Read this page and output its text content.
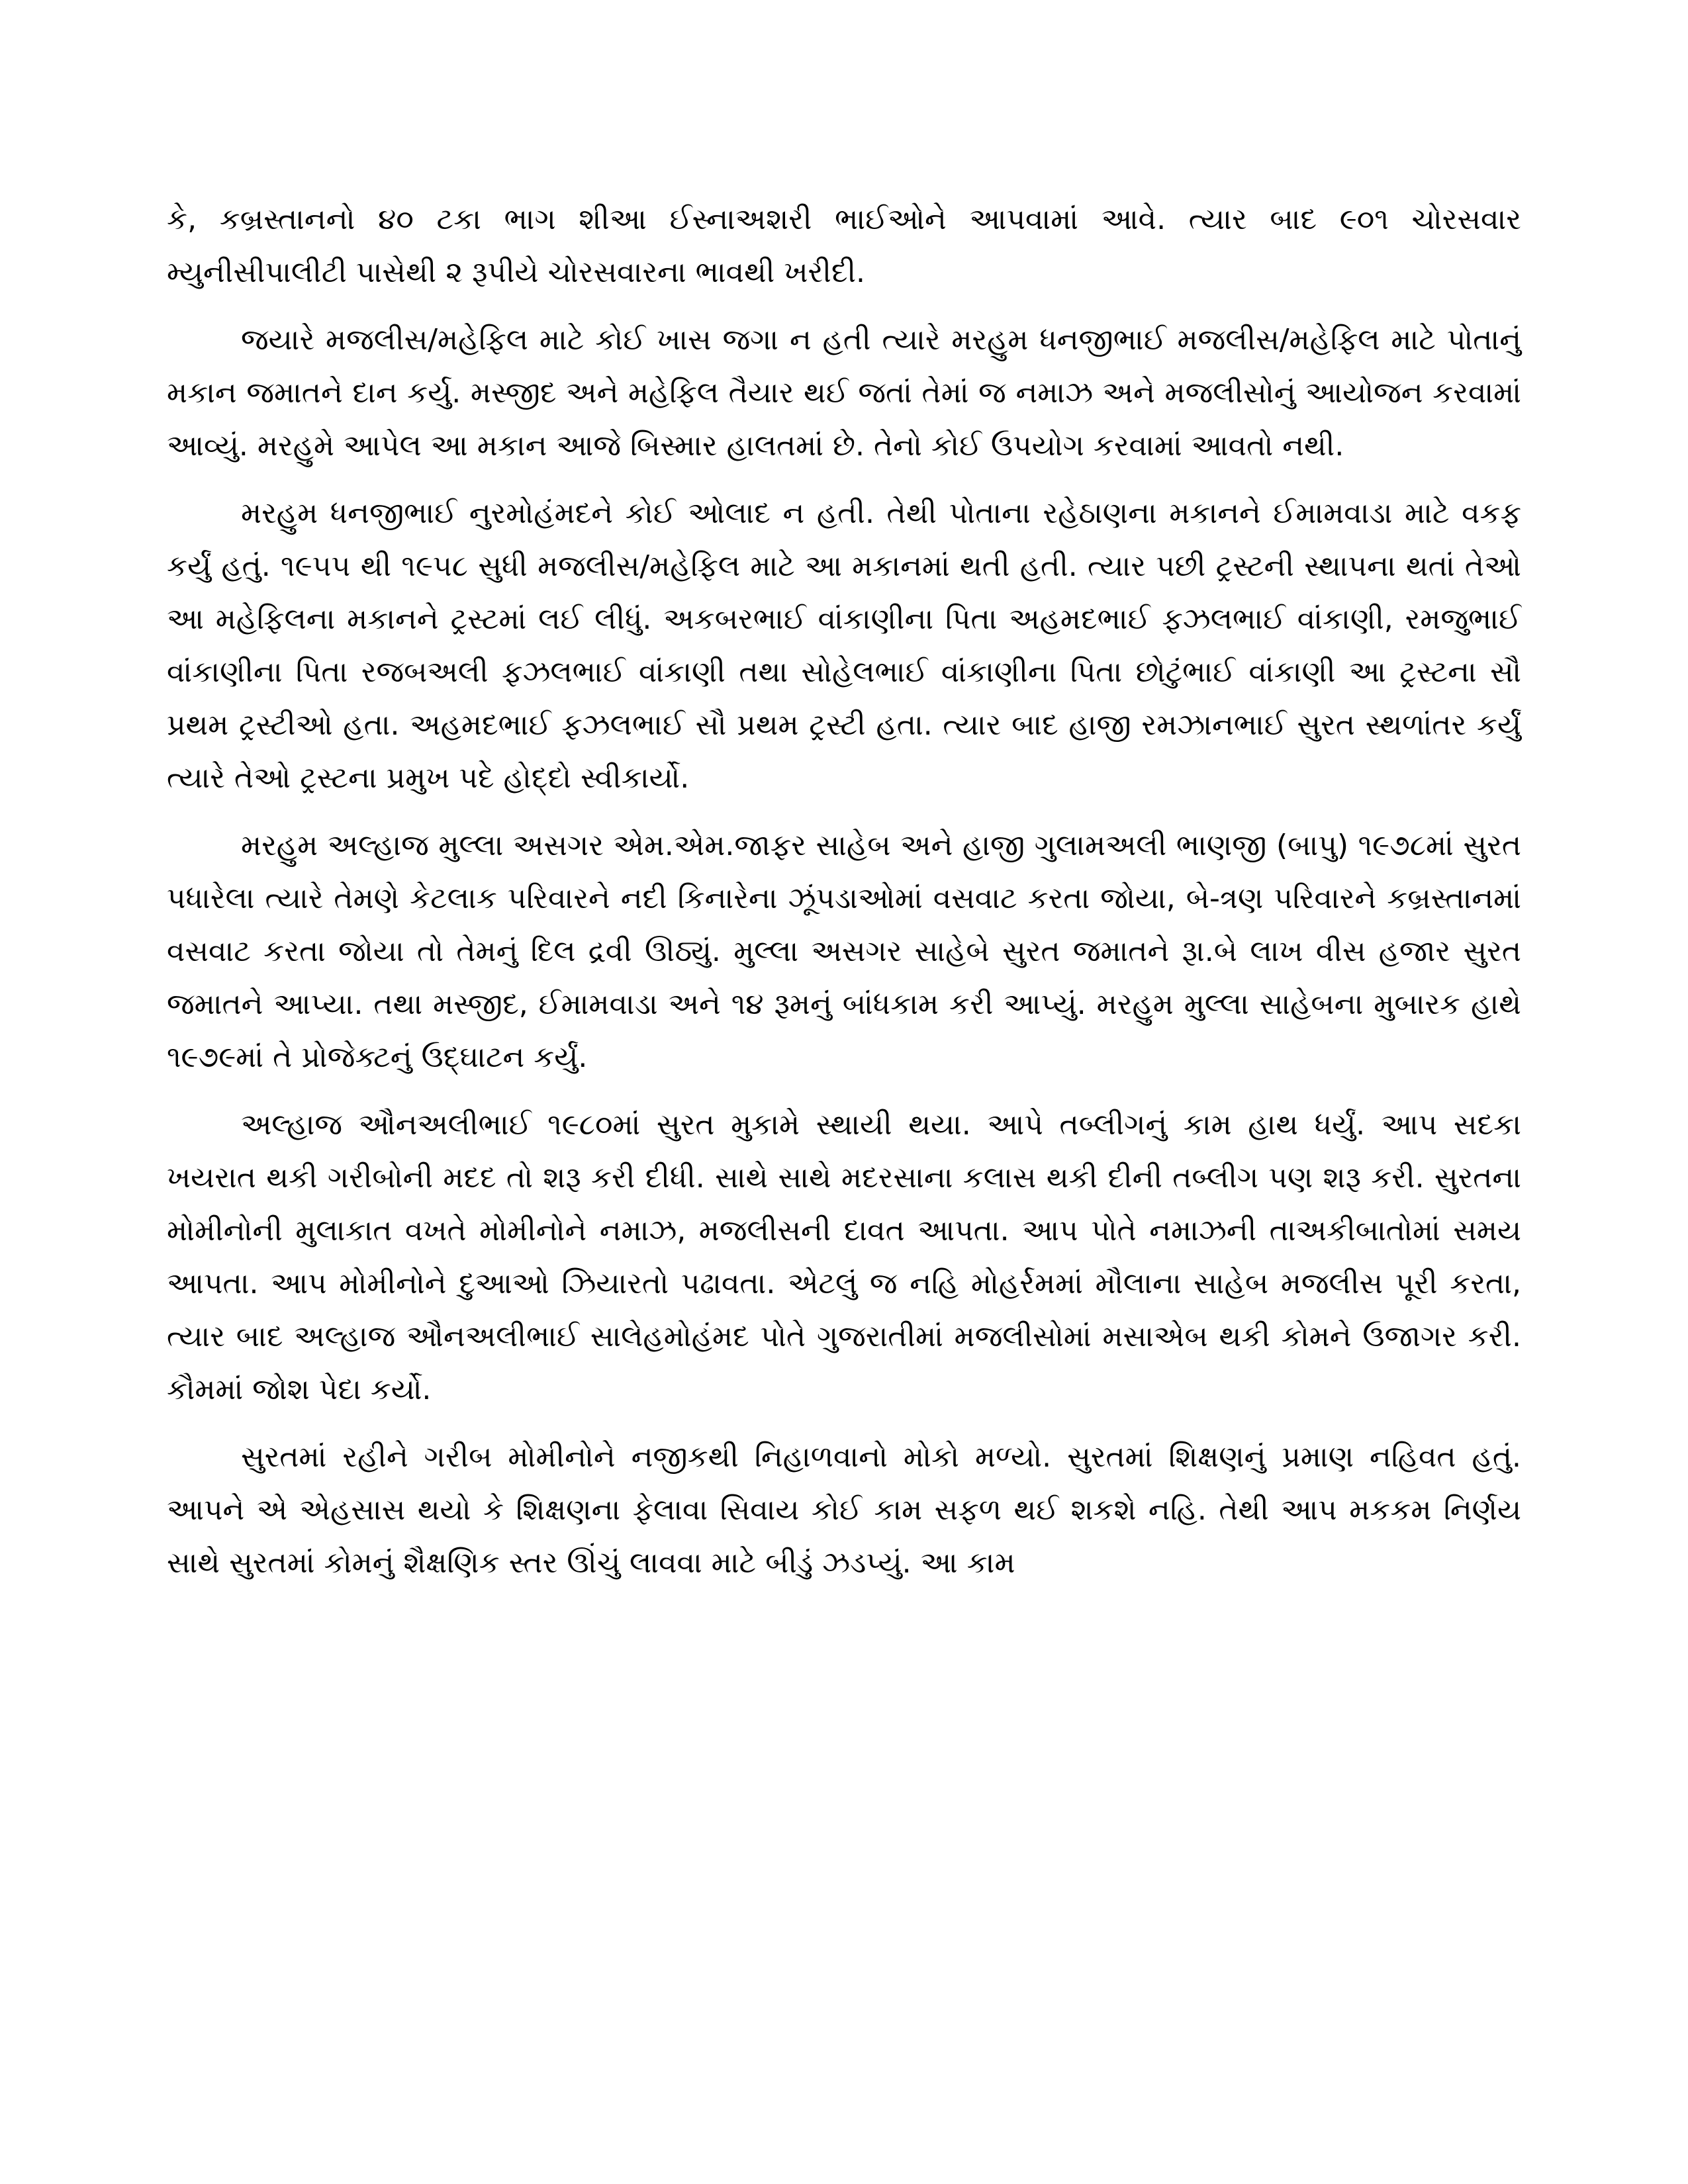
કે, કબ્રસ્તાનનો ૪૦ ટકા ભાગ શીઆ ઈસ્નાઅશરી ભાઈઓને આપવામાં આવે. ત્યાર બાદ ૯૦૧ ચોરસવાર મ્યુનીસીપાલીટી પાસેથી ૨ રૂપીયે ચોરસવારના ભાવથી ખરીદી.

જયારે મજલીસ/મહેફિલ માટે કોઈ ખાસ જગા ન હતી ત્યારે મરહુમ ધનજીભાઈ મજલીસ/મહેફિલ માટે પોતાનું મકાન જમાતને દાન કર્યુ. મસ્જીદ અને મહેફિલ તૈયાર થઈ જતાં તેમાં જ નમાઝ અને મજલીસોનું આયોજન કરવામાં આવ્યું. મરહુમે આપેલ આ મકાન આજે બિસ્માર હાલતમાં છે. તેનો કોઈ ઉપયોગ કરવામાં આવતો નથી.

મરહુમ ધનજીભાઈ નુરમોહંમદને કોઈ ઓલાદ ન હતી. તેથી પોતાના રહેઠાણના મકાનને ઈમામવાડા માટે વકફ કર્યું હતું. ૧૯૫૫ થી ૧૯૫૮ સુધી મજલીસ/મહેફિલ માટે આ મકાનમાં થતી હતી. ત્યાર પછી ટ્રસ્ટની સ્થાપના થતાં તેઓ આ મહેફિલના મકાનને ટ્રસ્ટમાં લઈ લીધું. અકબરભાઈ વાંકાણીના પિતા અહમદભાઈ ફઝલભાઈ વાંકાણી, રમજુભાઈ વાંકાણીના પિતા રજબઅલી ફઝલભાઈ વાંકાણી તથા સોહેલભાઈ વાંકાણીના પિતા છોટુંભાઈ વાંકાણી આ ટ્રસ્ટના સૌ પ્રથમ ટ્રસ્ટીઓ હતા. અહમદભાઈ ફઝલભાઈ સૌ પ્રથમ ટ્રસ્ટી હતા. ત્યાર બાદ હાજી રમઝાનભાઈ સુરત સ્થળાંતર કર્યું ત્યારે તેઓ ટ્રસ્ટના પ્રમુખ પદે હોદ્દો સ્વીકાર્યો.

મરહુમ અલ્હાજ મુલ્લા અસગર એમ.એમ.જાફર સાહેબ અને હાજી ગુલામઅલી ભાણજી (બાપુ) ૧૯૭૮માં સુરત પધારેલા ત્યારે તેમણે કેટલાક પરિવારને નદી કિનારેના ઝૂંપડાઓમાં વસવાટ કરતા જોયા, બે-ત્રણ પરિવારને કબ્રસ્તાનમાં વસવાટ કરતા જોયા તો તેમનું દિલ દ્રવી ઊઠ્યું. મુલ્લા અસગર સાહેબે સુરત જમાતને રૂા.બે લાખ વીસ હજાર સુરત જમાતને આપ્યા. તથા મસ્જીદ, ઈમામવાડા અને ૧૪ રૂમનું બાંધકામ કરી આપ્યું. મરહુમ મુલ્લા સાહેબના મુબારક હાથે ૧૯૭૯માં તે પ્રોજેક્ટનું ઉદ્‌ઘાટન કર્યું.

અલ્હાજ ઔનઅલીભાઈ ૧૯૮૦માં સુરત મુકામે સ્થાયી થયા. આપે તબ્લીગનું કામ હાથ ધર્યું. આપ સદકા ખયરાત થકી ગરીબોની મદદ તો શરૂ કરી દીધી. સાથે સાથે મદરસાના કલાસ થકી દીની તબ્લીગ પણ શરૂ કરી. સુરતના મોમીનોની મુલાકાત વખતે મોમીનોને નમાઝ, મજલીસની દાવત આપતા. આપ પોતે નમાઝની તાઅકીબાતોમાં સમય આપતા. આપ મોમીનોને દુઆઓ ઝિયારતો પઢાવતા. એટલું જ નહિ મોહર્રમમાં મૌલાના સાહેબ મજલીસ પૂરી કરતા, ત્યાર બાદ અલ્હાજ ઔનઅલીભાઈ સાલેહમોહંમદ પોતે ગુજરાતીમાં મજલીસોમાં મસાએબ થકી કોમને ઉજાગર કરી. કૌમમાં જોશ પેદા કર્યો.

સુરતમાં રહીને ગરીબ મોમીનોને નજીકથી નિહાળવાનો મોકો મળ્યો. સુરતમાં શિક્ષણનું પ્રમાણ નહિવત હતું. આપને એ એહસાસ થયો કે શિક્ષણના ફેલાવા સિવાય કોઈ કામ સફળ થઈ શકશે નહિ. તેથી આપ મકકમ નિર્ણય સાથે સુરતમાં કોમનું શૈક્ષણિક સ્તર ઊંચું લાવવા માટે બીડું ઝડપ્યું. આ કામ
